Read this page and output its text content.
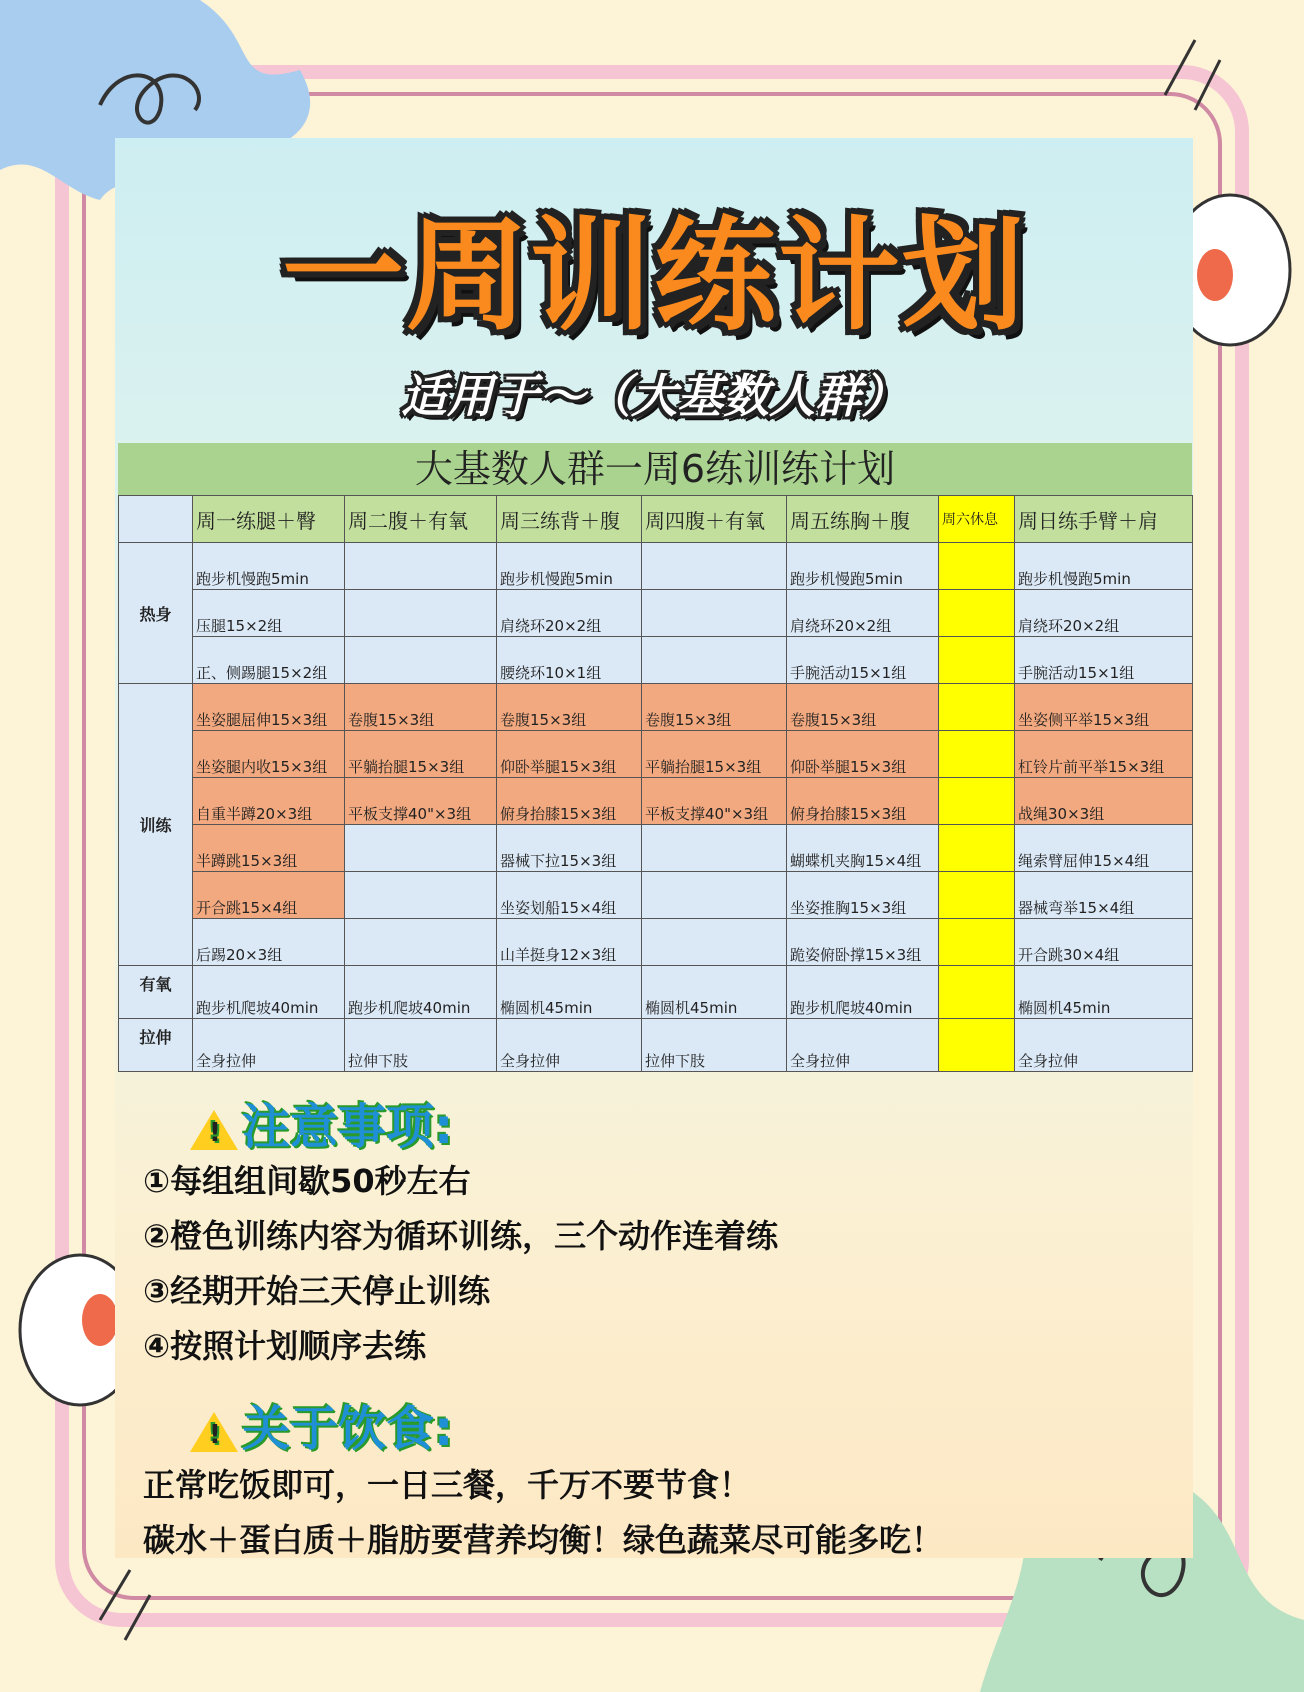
一周训练计划
适用于～（大基数人群）
大基数人群一周6练训练计划
	周一练腿＋臀	周二腹＋有氧	周三练背＋腹	周四腹＋有氧	周五练胸＋腹	周六休息	周日练手臂＋肩
热身	跑步机慢跑5min		跑步机慢跑5min		跑步机慢跑5min		跑步机慢跑5min
	压腿15×2组		肩绕环20×2组		肩绕环20×2组		肩绕环20×2组
	正、侧踢腿15×2组		腰绕环10×1组		手腕活动15×1组		手腕活动15×1组
训练	坐姿腿屈伸15×3组	卷腹15×3组	卷腹15×3组	卷腹15×3组	卷腹15×3组		坐姿侧平举15×3组
	坐姿腿内收15×3组	平躺抬腿15×3组	仰卧举腿15×3组	平躺抬腿15×3组	仰卧举腿15×3组		杠铃片前平举15×3组
	自重半蹲20×3组	平板支撑40"×3组	俯身抬膝15×3组	平板支撑40"×3组	俯身抬膝15×3组		战绳30×3组
	半蹲跳15×3组		器械下拉15×3组		蝴蝶机夹胸15×4组		绳索臂屈伸15×4组
	开合跳15×4组		坐姿划船15×4组		坐姿推胸15×3组		器械弯举15×4组
	后踢20×3组		山羊挺身12×3组		跪姿俯卧撑15×3组		开合跳30×4组
有氧	跑步机爬坡40min	跑步机爬坡40min	椭圆机45min	椭圆机45min	跑步机爬坡40min		椭圆机45min
拉伸	全身拉伸	拉伸下肢	全身拉伸	拉伸下肢	全身拉伸		全身拉伸
! 注意事项:
①每组组间歇50秒左右
②橙色训练内容为循环训练，三个动作连着练
③经期开始三天停止训练
④按照计划顺序去练
! 关于饮食:
正常吃饭即可，一日三餐，千万不要节食！
碳水＋蛋白质＋脂肪要营养均衡！绿色蔬菜尽可能多吃！
